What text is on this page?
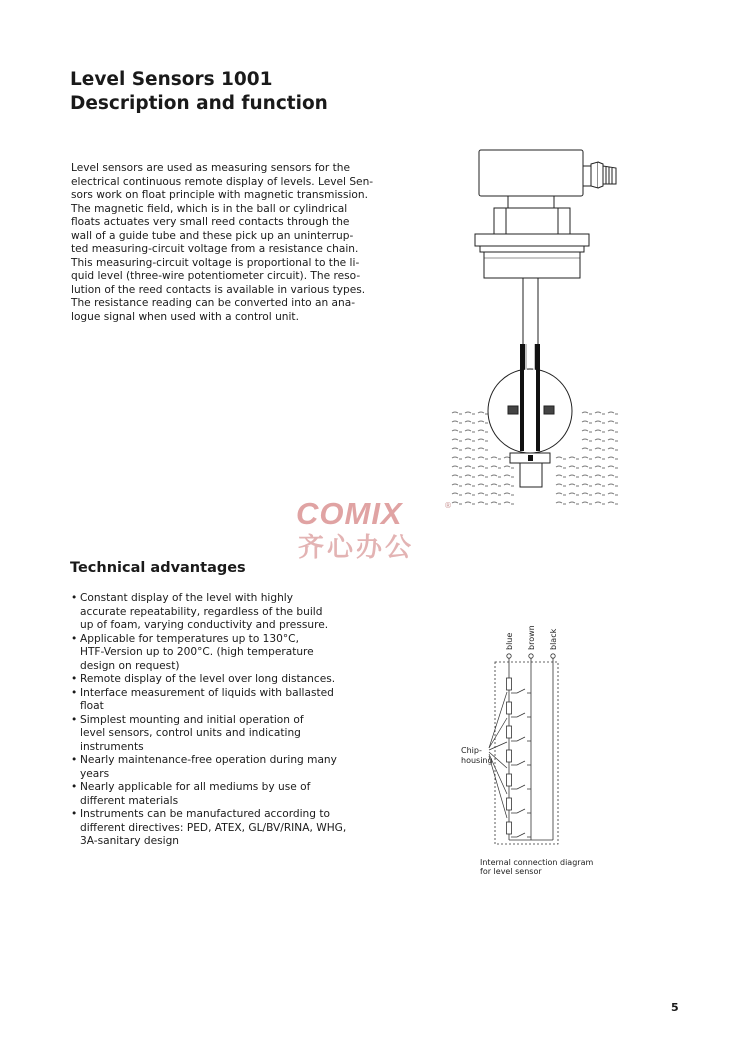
Level Sensors 1001
Description and function
Level sensors are used as measuring sensors for the
electrical continuous remote display of levels. Level Sen-
sors work on float principle with magnetic transmission.
The magnetic field, which is in the ball or cylindrical
floats actuates very small reed contacts through the
wall of a guide tube and these pick up an uninterrup-
ted measuring-circuit voltage from a resistance chain.
This measuring-circuit voltage is proportional to the li-
quid level (three-wire potentiometer circuit). The reso-
lution of the reed contacts is available in various types.
The resistance reading can be converted into an ana-
logue signal when used with a control unit.
COMIX	®
齐心办公
Technical advantages
• Constant display of the level with highly
accurate repeatability, regardless of the build
up of foam, varying conductivity and pressure.
• Applicable for temperatures up to 130°C,
HTF-Version up to 200°C. (high temperature
design on request)
• Remote display of the level over long distances.
• Interface measurement of liquids with ballasted
float
• Simplest mounting and initial operation of
level sensors, control units and indicating
instruments
• Nearly maintenance-free operation during many
years
• Nearly applicable for all mediums by use of
different materials
• Instruments can be manufactured according to
different directives: PED, ATEX, GL/BV/RINA, WHG,
3A-sanitary design
blue brown black
Chip-
housing
Internal connection diagram
for level sensor
5
